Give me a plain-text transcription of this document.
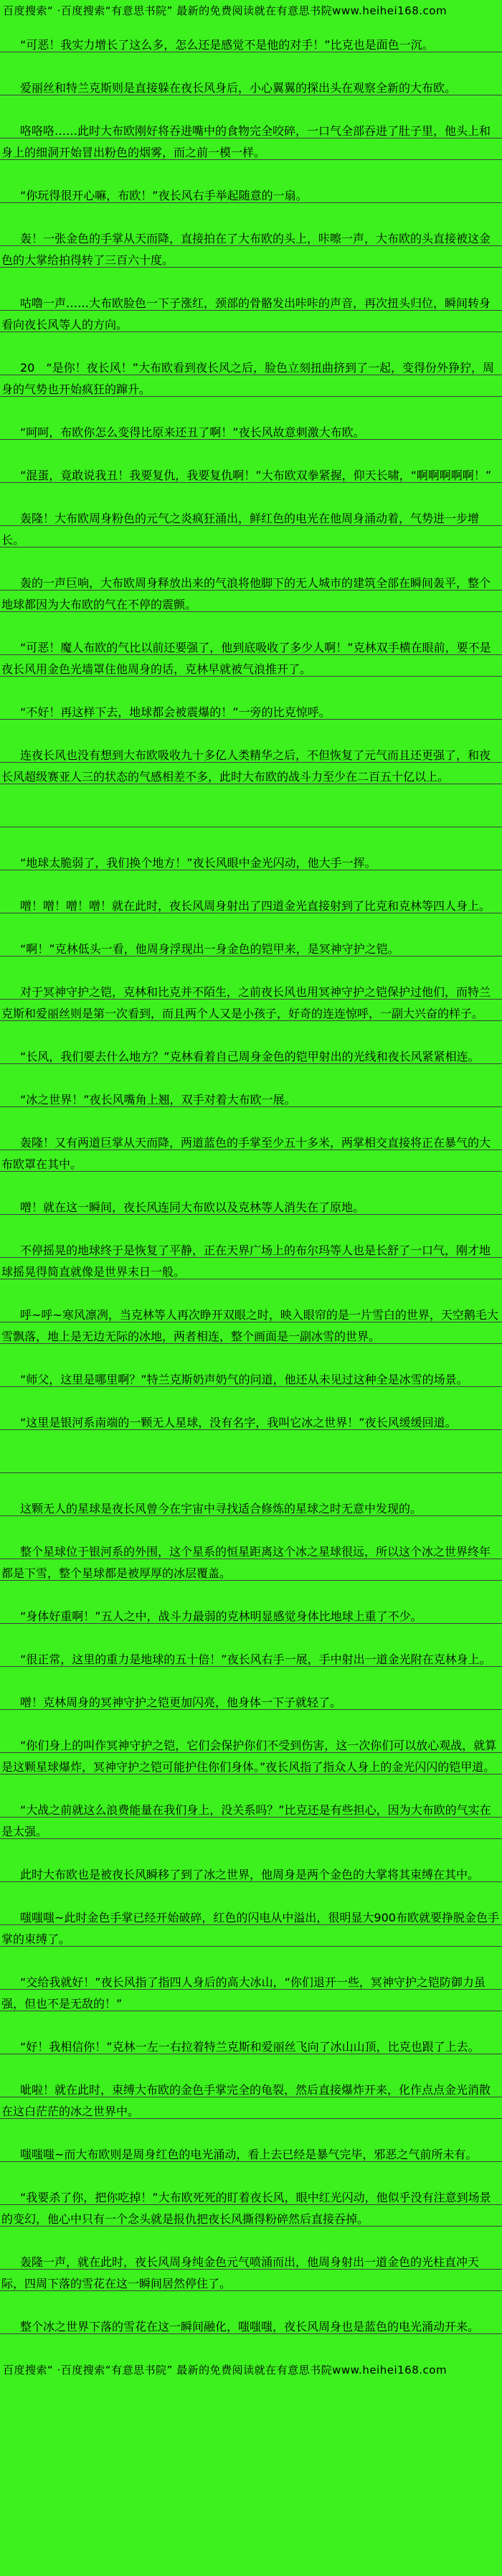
百度搜索“ ·百度搜索“有意思书院” 最新的免费阅读就在有意思书院www.heihei168.com

“可恶！我实力增长了这么多，怎么还是感觉不是他的对手！”比克也是面色一沉。

爱丽丝和特兰克斯则是直接躲在夜长风身后，小心翼翼的探出头在观察全新的大布欧。

咯咯咯……此时大布欧刚好将吞进嘴中的食物完全咬碎，一口气全部吞进了肚子里，他头上和身上的细洞开始冒出粉色的烟雾，而之前一模一样。

“你玩得很开心嘛，布欧！”夜长风右手举起随意的一扇。

轰！一张金色的手掌从天而降，直接拍在了大布欧的头上，咔嚓一声，大布欧的头直接被这金色的大掌给拍得转了三百六十度。

咕噜一声……大布欧脸色一下子涨红，颈部的骨骼发出咔咔的声音，再次扭头归位，瞬间转身看向夜长风等人的方向。

20　“是你！夜长风！”大布欧看到夜长风之后，脸色立刻扭曲挤到了一起，变得份外狰狞，周身的气势也开始疯狂的蹿升。

“呵呵，布欧你怎么变得比原来还丑了啊！”夜长风故意刺激大布欧。

“混蛋，竟敢说我丑！我要复仇，我要复仇啊！”大布欧双拳紧握，仰天长啸，“啊啊啊啊啊！”

轰隆！大布欧周身粉色的元气之炎疯狂涌出，鲜红色的电光在他周身涌动着，气势进一步增长。

轰的一声巨响，大布欧周身释放出来的气浪将他脚下的无人城市的建筑全部在瞬间轰平，整个地球都因为大布欧的气在不停的震颤。

“可恶！魔人布欧的气比以前还要强了，他到底吸收了多少人啊！”克林双手横在眼前，要不是夜长风用金色光墙罩住他周身的话，克林早就被气浪推开了。

“不好！再这样下去，地球都会被震爆的！”一旁的比克惊呼。

连夜长风也没有想到大布欧吸收九十多亿人类精华之后，不但恢复了元气而且还更强了，和夜长风超级赛亚人三的状态的气感相差不多，此时大布欧的战斗力至少在二百五十亿以上。

“地球太脆弱了，我们换个地方！”夜长风眼中金光闪动，他大手一挥。

噌！噌！噌！噌！就在此时，夜长风周身射出了四道金光直接射到了比克和克林等四人身上。

“啊！”克林低头一看，他周身浮现出一身金色的铠甲来，是冥神守护之铠。

对于冥神守护之铠，克林和比克并不陌生，之前夜长风也用冥神守护之铠保护过他们，而特兰克斯和爱丽丝则是第一次看到，而且两个人又是小孩子，好奇的连连惊呼，一副大兴奋的样子。

“长风，我们要去什么地方？”克林看着自己周身金色的铠甲射出的光线和夜长风紧紧相连。

“冰之世界！”夜长风嘴角上翘，双手对着大布欧一展。

轰隆！又有两道巨掌从天而降，两道蓝色的手掌至少五十多米，两掌相交直接将正在暴气的大布欧罩在其中。

噌！就在这一瞬间，夜长风连同大布欧以及克林等人消失在了原地。

不停摇晃的地球终于是恢复了平静，正在天界广场上的布尔玛等人也是长舒了一口气，刚才地球摇晃得简直就像是世界末日一般。

呼~呼~寒风凛冽，当克林等人再次睁开双眼之时，映入眼帘的是一片雪白的世界，天空鹅毛大雪飘落，地上是无边无际的冰地，两者相连，整个画面是一副冰雪的世界。

“师父，这里是哪里啊？”特兰克斯奶声奶气的问道，他还从未见过这种全是冰雪的场景。

“这里是银河系南端的一颗无人星球，没有名字，我叫它冰之世界！”夜长风缓缓回道。

这颗无人的星球是夜长风曾今在宇宙中寻找适合修炼的星球之时无意中发现的。

整个星球位于银河系的外围，这个星系的恒星距离这个冰之星球很远，所以这个冰之世界终年都是下雪，整个星球都是被厚厚的冰层覆盖。

“身体好重啊！”五人之中，战斗力最弱的克林明显感觉身体比地球上重了不少。

“很正常，这里的重力是地球的五十倍！”夜长风右手一展，手中射出一道金光附在克林身上。

噌！克林周身的冥神守护之铠更加闪亮，他身体一下子就轻了。

“你们身上的叫作冥神守护之铠，它们会保护你们不受到伤害，这一次你们可以放心观战，就算是这颗星球爆炸，冥神守护之铠可能护住你们身体。”夜长风指了指众人身上的金光闪闪的铠甲道。

“大战之前就这么浪费能量在我们身上，没关系吗？”比克还是有些担心，因为大布欧的气实在是太强。

此时大布欧也是被夜长风瞬移了到了冰之世界，他周身是两个金色的大掌将其束缚在其中。

嗤嗤嗤~此时金色手掌已经开始破碎，红色的闪电从中溢出，很明显大900布欧就要挣脱金色手掌的束缚了。

“交给我就好！”夜长风指了指四人身后的高大冰山，“你们退开一些，冥神守护之铠防御力虽强，但也不是无敌的！”

“好！我相信你！”克林一左一右拉着特兰克斯和爱丽丝飞向了冰山山顶，比克也跟了上去。

呲啦！就在此时，束缚大布欧的金色手掌完全的龟裂，然后直接爆炸开来，化作点点金光消散在这白茫茫的冰之世界中。

嗤嗤嗤~而大布欧则是周身红色的电光涌动，看上去已经是暴气完毕，邪恶之气前所未有。

“我要杀了你，把你吃掉！”大布欧死死的盯着夜长风，眼中红光闪动，他似乎没有注意到场景的变幻，他心中只有一个念头就是报仇把夜长风撕得粉碎然后直接吞掉。

轰隆一声，就在此时，夜长风周身纯金色元气喷涌而出，他周身射出一道金色的光柱直冲天际，四周下落的雪花在这一瞬间居然停住了。

整个冰之世界下落的雪花在这一瞬间融化，嗤嗤嗤，夜长风周身也是蓝色的电光涌动开来。

百度搜索“ ·百度搜索“有意思书院” 最新的免费阅读就在有意思书院www.heihei168.com
